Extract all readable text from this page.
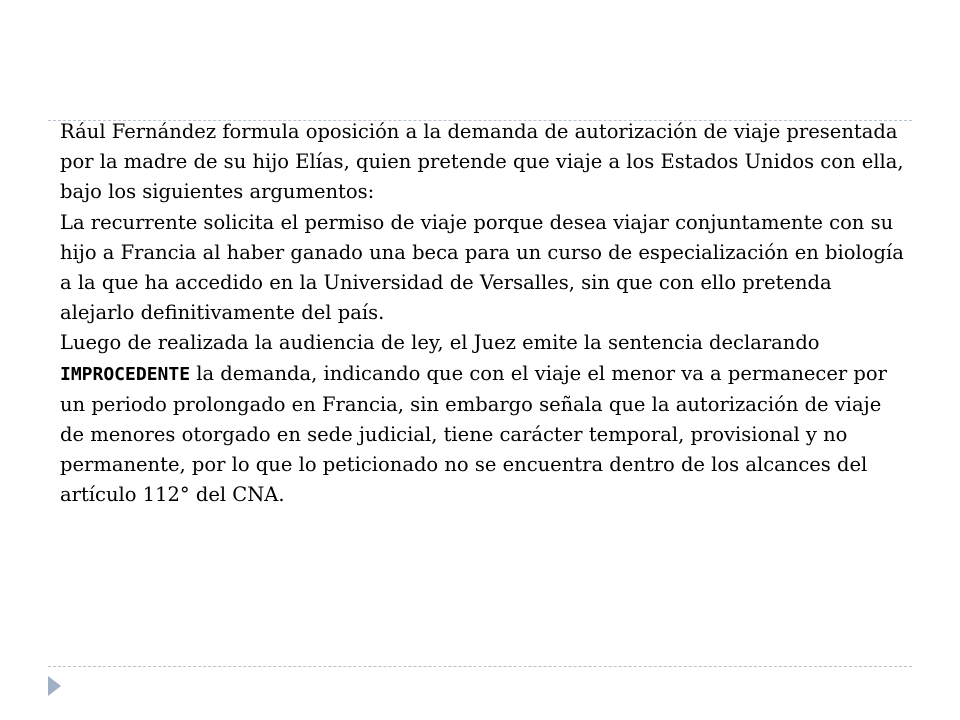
Rául Fernández formula oposición a la demanda de autorización de viaje presentada por la madre de su hijo Elías, quien pretende que viaje a los Estados Unidos con ella, bajo los siguientes argumentos:

La recurrente solicita el permiso de viaje porque desea viajar conjuntamente con su hijo a Francia al haber ganado una beca para un curso de especialización en biología a la que ha accedido en la Universidad de Versalles, sin que con ello pretenda alejarlo definitivamente del país.

Luego de realizada la audiencia de ley, el Juez emite la sentencia declarando IMPROCEDENTE la demanda, indicando que con el viaje el menor va a permanecer por un periodo prolongado en Francia, sin embargo señala que la autorización de viaje de menores otorgado en sede judicial, tiene carácter temporal, provisional y no permanente, por lo que lo peticionado no se encuentra dentro de los alcances del artículo 112° del CNA.
